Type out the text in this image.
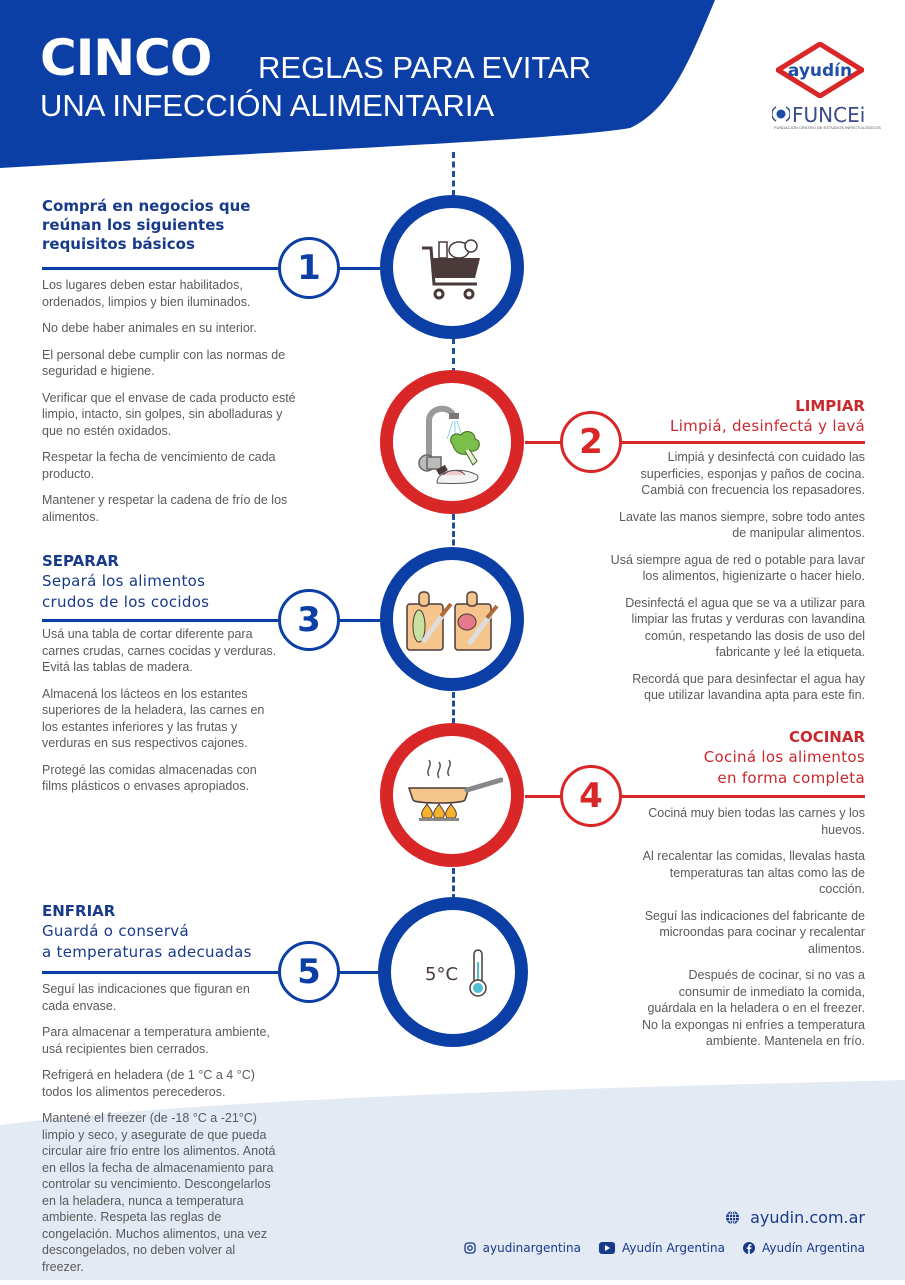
CINCO REGLAS PARA EVITAR
UNA INFECCIÓN ALIMENTARIA
ayudín
FUNCEi
FUNDACIÓN CENTRO DE ESTUDIOS INFECTOLÓGICOS
1
Comprá en negocios que
reúnan los siguientes
requisitos básicos

Los lugares deben estar habilitados, ordenados, limpios y bien iluminados.

No debe haber animales en su interior.

El personal debe cumplir con las normas de seguridad e higiene.

Verificar que el envase de cada producto esté limpio, intacto, sin golpes, sin abolladuras y que no estén oxidados.

Respetar la fecha de vencimiento de cada producto.

Mantener y respetar la cadena de frío de los alimentos.

2
LIMPIAR
Limpiá, desinfectá y lavá

Limpiá y desinfectá con cuidado las superficies, esponjas y paños de cocina. Cambiá con frecuencia los repasadores.

Lavate las manos siempre, sobre todo antes de manipular alimentos.

Usá siempre agua de red o potable para lavar los alimentos, higienizarte o hacer hielo.

Desinfectá el agua que se va a utilizar para limpiar las frutas y verduras con lavandina común, respetando las dosis de uso del fabricante y leé la etiqueta.

Recordá que para desinfectar el agua hay que utilizar lavandina apta para este fin.

3
SEPARAR
Separá los alimentos
crudos de los cocidos

Usá una tabla de cortar diferente para carnes crudas, carnes cocidas y verduras. Evitá las tablas de madera.

Almacená los lácteos en los estantes superiores de la heladera, las carnes en los estantes inferiores y las frutas y verduras en sus respectivos cajones.

Protegé las comidas almacenadas con films plásticos o envases apropiados.	4
COCINAR
Cociná los alimentos
en forma completa

Cociná muy bien todas las carnes y los huevos.

Al recalentar las comidas, llevalas hasta temperaturas tan altas como las de cocción.

Seguí las indicaciones del fabricante de microondas para cocinar y recalentar alimentos.

Después de cocinar, si no vas a consumir de inmediato la comida, guárdala en la heladera o en el freezer. No la expongas ni enfríes a temperatura ambiente. Mantenela en frío.

5	5°C
ENFRIAR
Guardá o conservá
a temperaturas adecuadas

Seguí las indicaciones que figuran en cada envase.

Para almacenar a temperatura ambiente, usá recipientes bien cerrados.

Refrigerá en heladera (de 1 °C a 4 °C) todos los alimentos perecederos.

Mantené el freezer (de -18 °C a -21°C) limpio y seco, y asegurate de que pueda circular aire frío entre los alimentos. Anotá en ellos la fecha de almacenamiento para controlar su vencimiento. Descongelarlos en la heladera, nunca a temperatura ambiente. Respeta las reglas de congelación. Muchos alimentos, una vez descongelados, no deben volver al freezer.

ayudin.com.ar
ayudinargentina	Ayudín Argentina	Ayudín Argentina
